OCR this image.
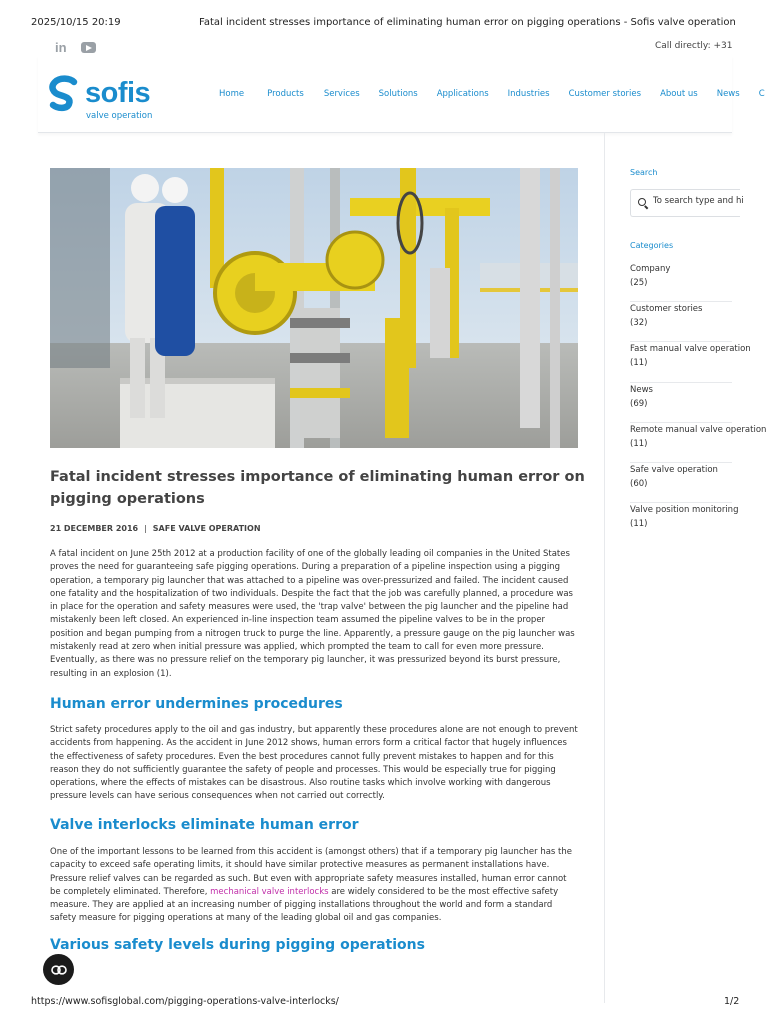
2025/10/15 20:19	Fatal incident stresses importance of eliminating human error on pigging operations - Sofis valve operation
in	Call directly: +31
sofis
valve operation
Home	Products Services Solutions Applications Industries Customer stories About us News C
Fatal incident stresses importance of eliminating human error on pigging operations
21 DECEMBER 2016 | SAFE VALVE OPERATION

A fatal incident on June 25th 2012 at a production facility of one of the globally leading oil companies in the United States proves the need for guaranteeing safe pigging operations. During a preparation of a pipeline inspection using a pigging operation, a temporary pig launcher that was attached to a pipeline was over-pressurized and failed. The incident caused one fatality and the hospitalization of two individuals. Despite the fact that the job was carefully planned, a procedure was in place for the operation and safety measures were used, the 'trap valve' between the pig launcher and the pipeline had mistakenly been left closed. An experienced in-line inspection team assumed the pipeline valves to be in the proper position and began pumping from a nitrogen truck to purge the line. Apparently, a pressure gauge on the pig launcher was mistakenly read at zero when initial pressure was applied, which prompted the team to call for even more pressure. Eventually, as there was no pressure relief on the temporary pig launcher, it was pressurized beyond its burst pressure, resulting in an explosion (1).

Human error undermines procedures

Strict safety procedures apply to the oil and gas industry, but apparently these procedures alone are not enough to prevent accidents from happening. As the accident in June 2012 shows, human errors form a critical factor that hugely influences the effectiveness of safety procedures. Even the best procedures cannot fully prevent mistakes to happen and for this reason they do not sufficiently guarantee the safety of people and processes. This would be especially true for pigging operations, where the effects of mistakes can be disastrous. Also routine tasks which involve working with dangerous pressure levels can have serious consequences when not carried out correctly.

Valve interlocks eliminate human error

One of the important lessons to be learned from this accident is (amongst others) that if a temporary pig launcher has the capacity to exceed safe operating limits, it should have similar protective measures as permanent installations have. Pressure relief valves can be regarded as such. But even with appropriate safety measures installed, human error cannot be completely eliminated. Therefore, mechanical valve interlocks are widely considered to be the most effective safety measure. They are applied at an increasing number of pigging installations throughout the world and form a standard safety measure for pigging operations at many of the leading global oil and gas companies.

Various safety levels during pigging operations
Search
To search type and hit enter
Categories
Company
(25)
Customer stories
(32)
Fast manual valve operation
(11)
News
(69)
Remote manual valve operation
(11)
Safe valve operation
(60)
Valve position monitoring
(11)
https://www.sofisglobal.com/pigging-operations-valve-interlocks/	1/2
